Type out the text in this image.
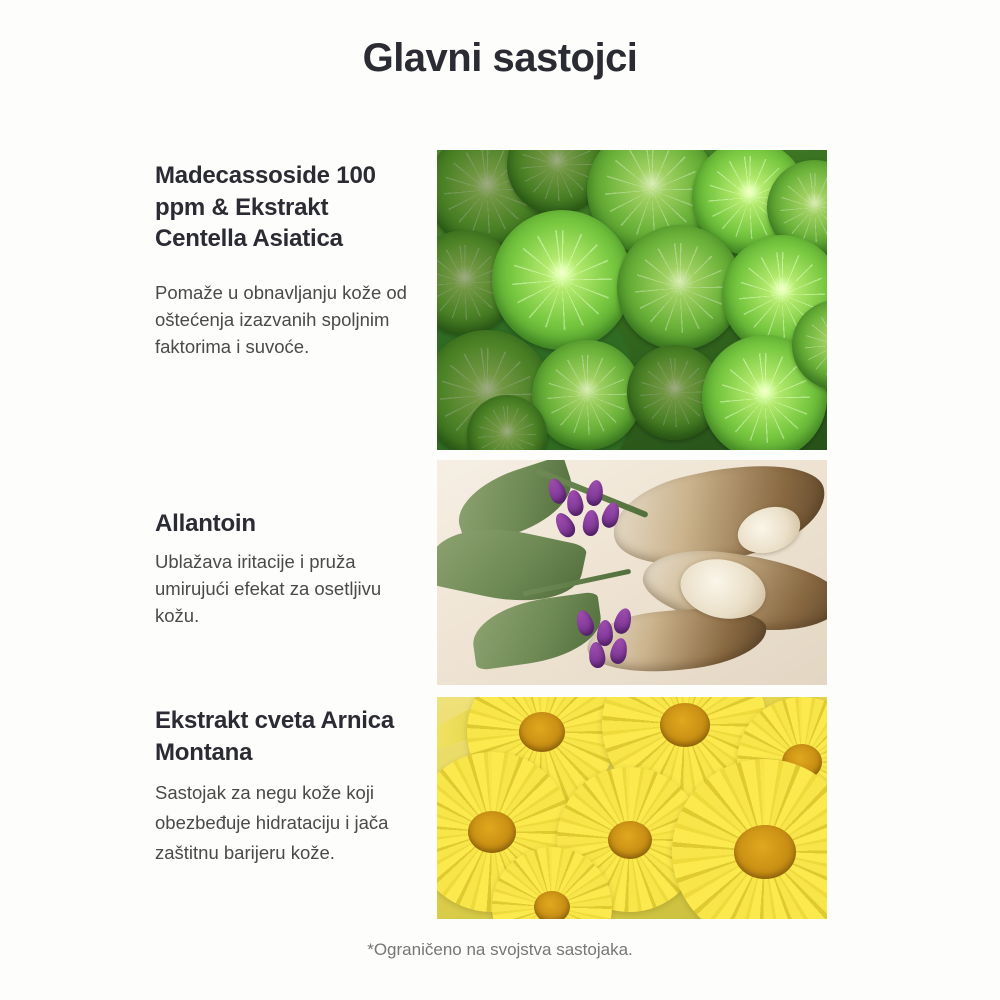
Glavni sastojci
Madecassoside 100 ppm & Ekstrakt Centella Asiatica
Pomaže u obnavljanju kože od oštećenja izazvanih spoljnim faktorima i suvoće.
Allantoin
Ublažava iritacije i pruža umirujući efekat za osetljivu kožu.
Ekstrakt cveta Arnica Montana
Sastojak za negu kože koji obezbeđuje hidrataciju i jača zaštitnu barijeru kože.
*Ograničeno na svojstva sastojaka.
